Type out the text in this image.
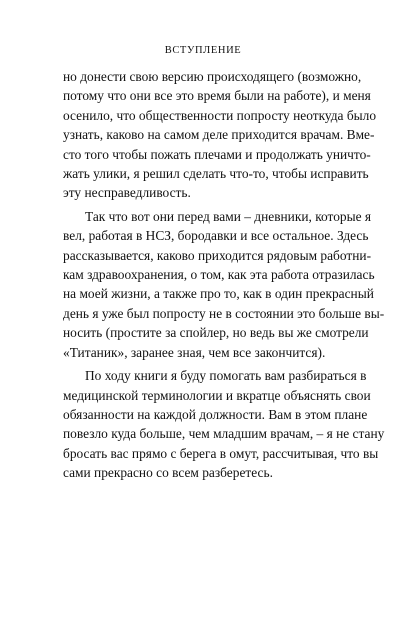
ВСТУПЛЕНИЕ

но донести свою версию происходящего (возможно,
потому что они все это время были на работе), и меня
осенило, что общественности попросту неоткуда было
узнать, каково на самом деле приходится врачам. Вме-
сто того чтобы пожать плечами и продолжать уничто-
жать улики, я решил сделать что-то, чтобы исправить
эту несправедливость.

Так что вот они перед вами – дневники, которые я
вел, работая в НСЗ, бородавки и все остальное. Здесь
рассказывается, каково приходится рядовым работни-
кам здравоохранения, о том, как эта работа отразилась
на моей жизни, а также про то, как в один прекрасный
день я уже был попросту не в состоянии это больше вы-
носить (простите за спойлер, но ведь вы же смотрели
«Титаник», заранее зная, чем все закончится).

По ходу книги я буду помогать вам разбираться в
медицинской терминологии и вкратце объяснять свои
обязанности на каждой должности. Вам в этом плане
повезло куда больше, чем младшим врачам, – я не стану
бросать вас прямо с берега в омут, рассчитывая, что вы
сами прекрасно со всем разберетесь.
